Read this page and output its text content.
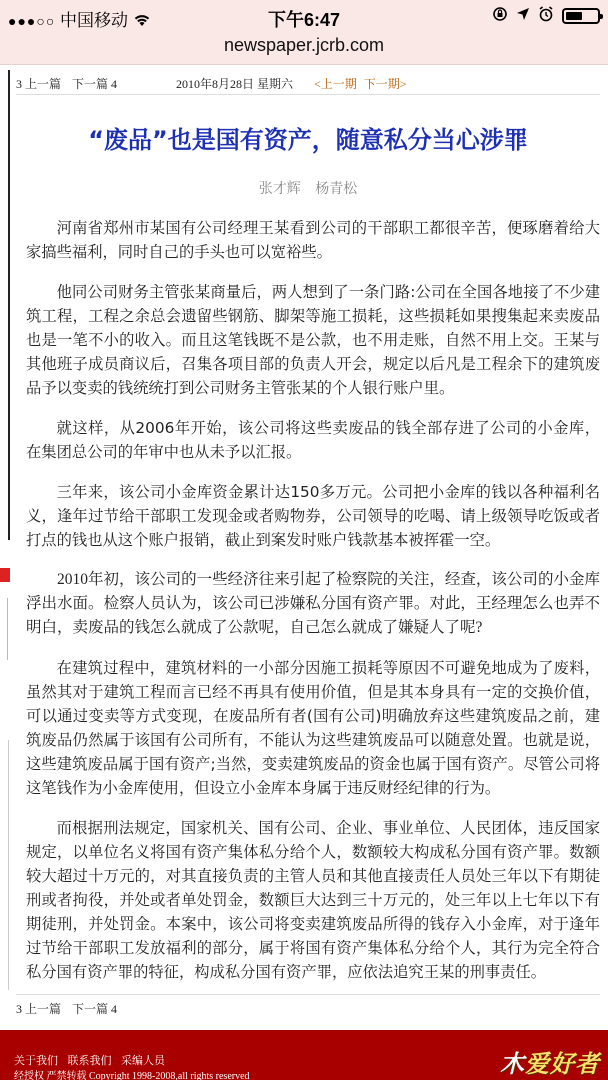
●●●○○ 中国移动	下午6:47
newspaper.jcrb.com
3 上一篇 下一篇 4	2010年8月28日 星期六 <上一期 下一期>
“废品”也是国有资产，随意私分当心涉罪
张才辉 杨青松

河南省郑州市某国有公司经理王某看到公司的干部职工都很辛苦，便琢磨着给大家搞些福利，同时自己的手头也可以宽裕些。

他同公司财务主管张某商量后，两人想到了一条门路:公司在全国各地接了不少建筑工程，工程之余总会遗留些钢筋、脚架等施工损耗，这些损耗如果搜集起来卖废品也是一笔不小的收入。而且这笔钱既不是公款，也不用走账，自然不用上交。王某与其他班子成员商议后，召集各项目部的负责人开会，规定以后凡是工程余下的建筑废品予以变卖的钱统统打到公司财务主管张某的个人银行账户里。

就这样，从2006年开始，该公司将这些卖废品的钱全部存进了公司的小金库，在集团总公司的年审中也从未予以汇报。

三年来，该公司小金库资金累计达150多万元。公司把小金库的钱以各种福利名义，逢年过节给干部职工发现金或者购物券，公司领导的吃喝、请上级领导吃饭或者打点的钱也从这个账户报销，截止到案发时账户钱款基本被挥霍一空。

2010年初，该公司的一些经济往来引起了检察院的关注，经查，该公司的小金库浮出水面。检察人员认为，该公司已涉嫌私分国有资产罪。对此，王经理怎么也弄不明白，卖废品的钱怎么就成了公款呢，自己怎么就成了嫌疑人了呢?

在建筑过程中，建筑材料的一小部分因施工损耗等原因不可避免地成为了废料，虽然其对于建筑工程而言已经不再具有使用价值，但是其本身具有一定的交换价值，可以通过变卖等方式变现，在废品所有者(国有公司)明确放弃这些建筑废品之前，建筑废品仍然属于该国有公司所有，不能认为这些建筑废品可以随意处置。也就是说，这些建筑废品属于国有资产;当然，变卖建筑废品的资金也属于国有资产。尽管公司将这笔钱作为小金库使用，但设立小金库本身属于违反财经纪律的行为。

而根据刑法规定，国家机关、国有公司、企业、事业单位、人民团体，违反国家规定，以单位名义将国有资产集体私分给个人，数额较大构成私分国有资产罪。数额较大超过十万元的，对其直接负责的主管人员和其他直接责任人员处三年以下有期徒刑或者拘役，并处或者单处罚金，数额巨大达到三十万元的，处三年以上七年以下有期徒刑，并处罚金。本案中，该公司将变卖建筑废品所得的钱存入小金库，对于逢年过节给干部职工发放福利的部分，属于将国有资产集体私分给个人，其行为完全符合私分国有资产罪的特征，构成私分国有资产罪，应依法追究王某的刑事责任。

3 上一篇 下一篇 4
关于我们 联系我们 采编人员
经授权 严禁转载 Copyright 1998-2008,all rights reserved	木爱好者
